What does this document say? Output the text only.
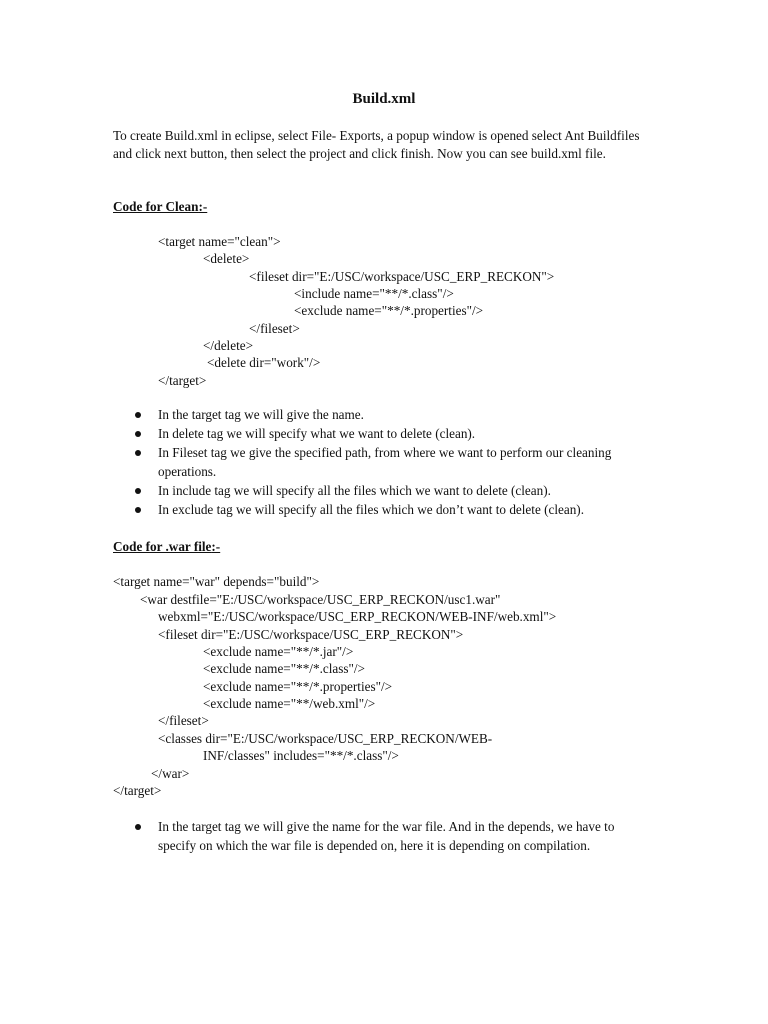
Build.xml

To create Build.xml in eclipse, select File- Exports, a popup window is opened select Ant Buildfiles and click next button, then select the project and click finish. Now you can see build.xml file.

Code for Clean:-

<target name="clean">

<delete>

<fileset dir="E:/USC/workspace/USC_ERP_RECKON">

<include name="**/*.class"/>

<exclude name="**/*.properties"/>

</fileset>

</delete>

<delete dir="work"/>

</target>

In the target tag we will give the name.
In delete tag we will specify what we want to delete (clean).
In Fileset tag we give the specified path, from where we want to perform our cleaning operations.
In include tag we will specify all the files which we want to delete (clean).
In exclude tag we will specify all the files which we don’t want to delete (clean).

Code for .war file:-

<target name="war" depends="build">

<war destfile="E:/USC/workspace/USC_ERP_RECKON/usc1.war"

webxml="E:/USC/workspace/USC_ERP_RECKON/WEB-INF/web.xml">

<fileset dir="E:/USC/workspace/USC_ERP_RECKON">

<exclude name="**/*.jar"/>

<exclude name="**/*.class"/>

<exclude name="**/*.properties"/>

<exclude name="**/web.xml"/>

</fileset>

<classes dir="E:/USC/workspace/USC_ERP_RECKON/WEB-

INF/classes" includes="**/*.class"/>

</war>

</target>

In the target tag we will give the name for the war file. And in the depends, we have to specify on which the war file is depended on, here it is depending on compilation.
